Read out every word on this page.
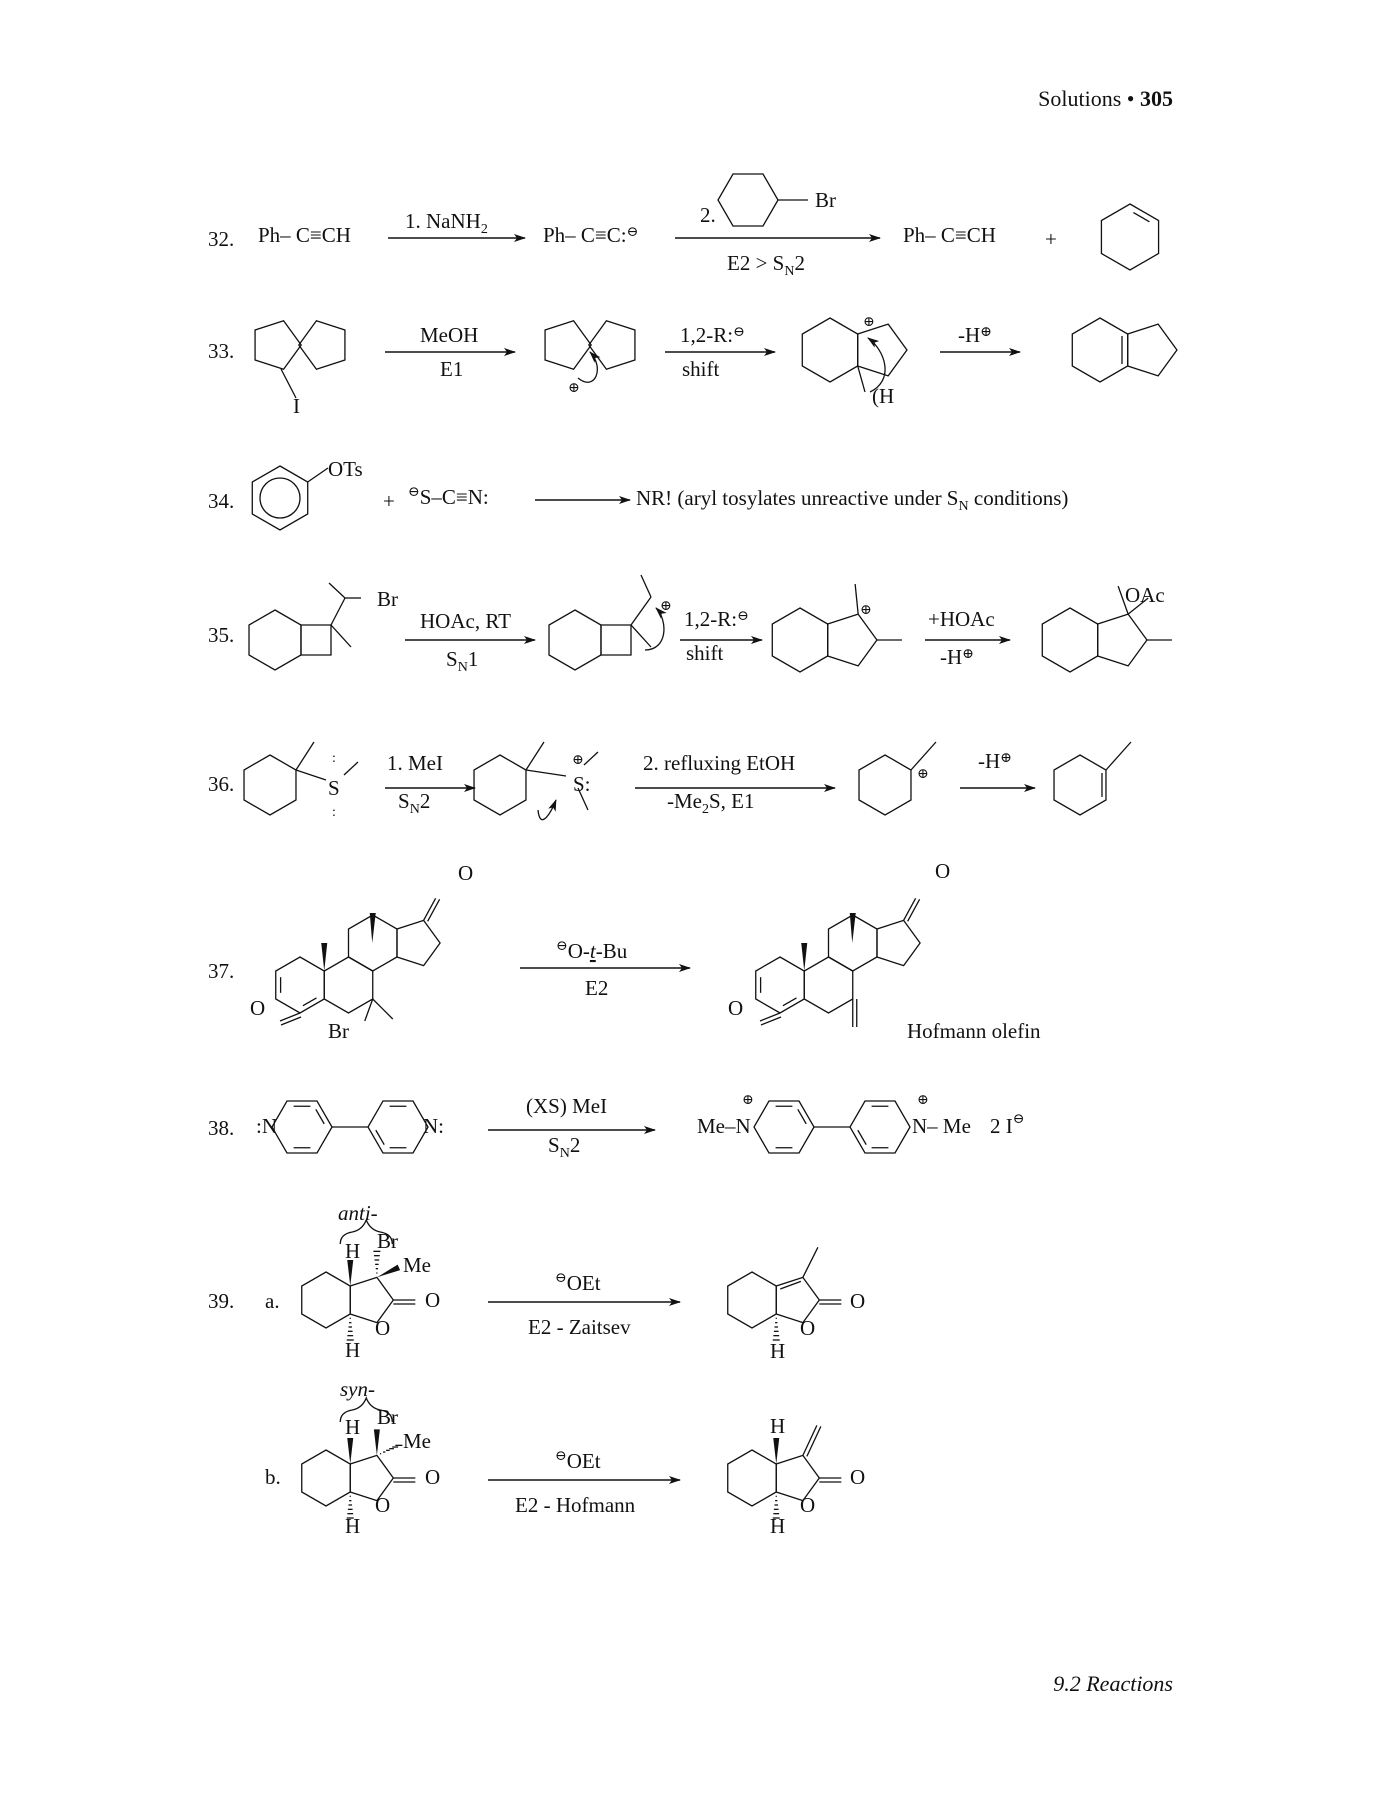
Solutions • 305
32. Ph– C≡CH
1. NaNH$_2$	Ph– C≡C:⊖
2.
Br
$E2 > S_N2$
Ph– C≡CH +
33.
I
MeOH
E1
⊕
1,2-R:⊖
shift
⊕
(H
-H⊕
34.
OTs
+ ⊖S–C≡N:	NR! (aryl tosylates unreactive under $S_N$ conditions)
35.
Br
HOAc, RT
$S_N1$
⊕
1,2-R:⊖
shift
⊕	+HOAc
-H⊕
OAc
36.	S
:
:
1. MeI
$S_N2$
⊕
S:
2. refluxing EtOH
$-Me_2S$, E1
⊕
-H⊕
37.
O
O
Br
⊖O-t-Bu
E2
O
O
Hofmann olefin
38. :N	N:
(XS) MeI
$S_N2$
Me–N
⊕
N– Me
⊕
2 I⊖
39. a.
anti-
H Br
Me
O
O
H
⊖OEt
E2 - Zaitsev
O
O
H
b.
syn-
H Br
Me
O
O
H
⊖OEt
E2 - Hofmann
H
O
O
H
9.2 Reactions
